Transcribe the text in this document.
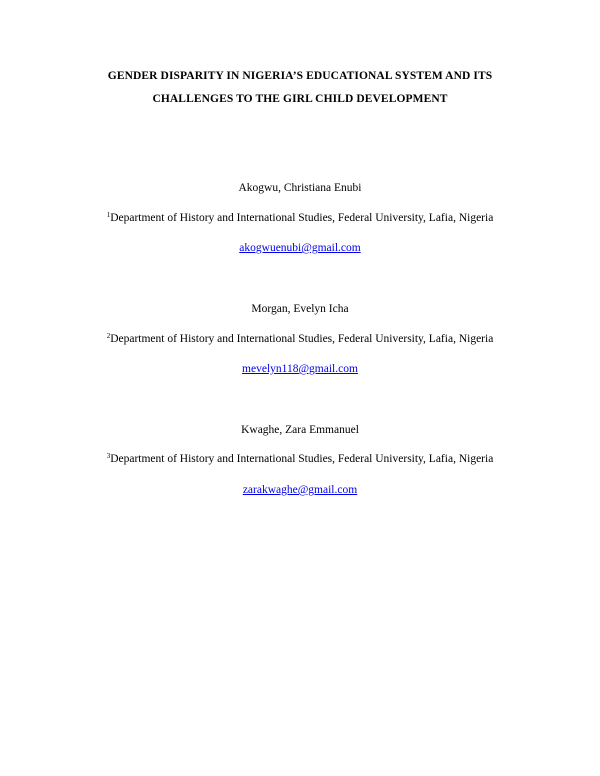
GENDER DISPARITY IN NIGERIA’S EDUCATIONAL SYSTEM AND ITS
CHALLENGES TO THE GIRL CHILD DEVELOPMENT
Akogwu, Christiana Enubi
$^1$Department of History and International Studies, Federal University, Lafia, Nigeria
akogwuenubi@gmail.com
Morgan, Evelyn Icha
$^2$Department of History and International Studies, Federal University, Lafia, Nigeria
mevelyn118@gmail.com
Kwaghe, Zara Emmanuel
$^3$Department of History and International Studies, Federal University, Lafia, Nigeria
zarakwaghe@gmail.com
